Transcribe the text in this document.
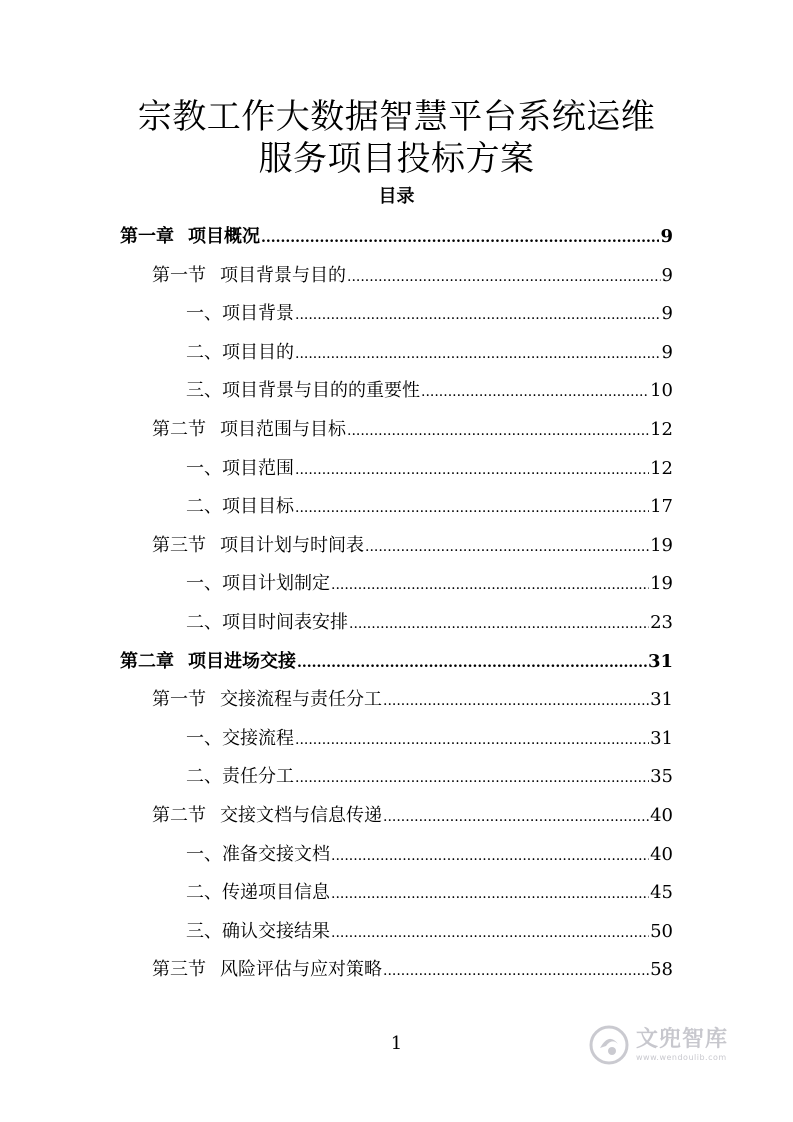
宗教工作大数据智慧平台系统运维
服务项目投标方案
目录
第一章 项目概况 .....	9
第一节 项目背景与目的 .....	9
一、项目背景 .....	9
二、项目目的 .....	9
三、项目背景与目的的重要性 .....	10
第二节 项目范围与目标 .....	12
一、项目范围 .....	12
二、项目目标 .....	17
第三节 项目计划与时间表 .....	19
一、项目计划制定 .....	19
二、项目时间表安排 .....	23
第二章 项目进场交接 .....	31
第一节 交接流程与责任分工 .....	31
一、交接流程 .....	31
二、责任分工 .....	35
第二节 交接文档与信息传递 .....	40
一、准备交接文档 .....	40
二、传递项目信息 .....	45
三、确认交接结果 .....	50
第三节 风险评估与应对策略 .....	58
1	文兜智库
www.wendoulib.com
